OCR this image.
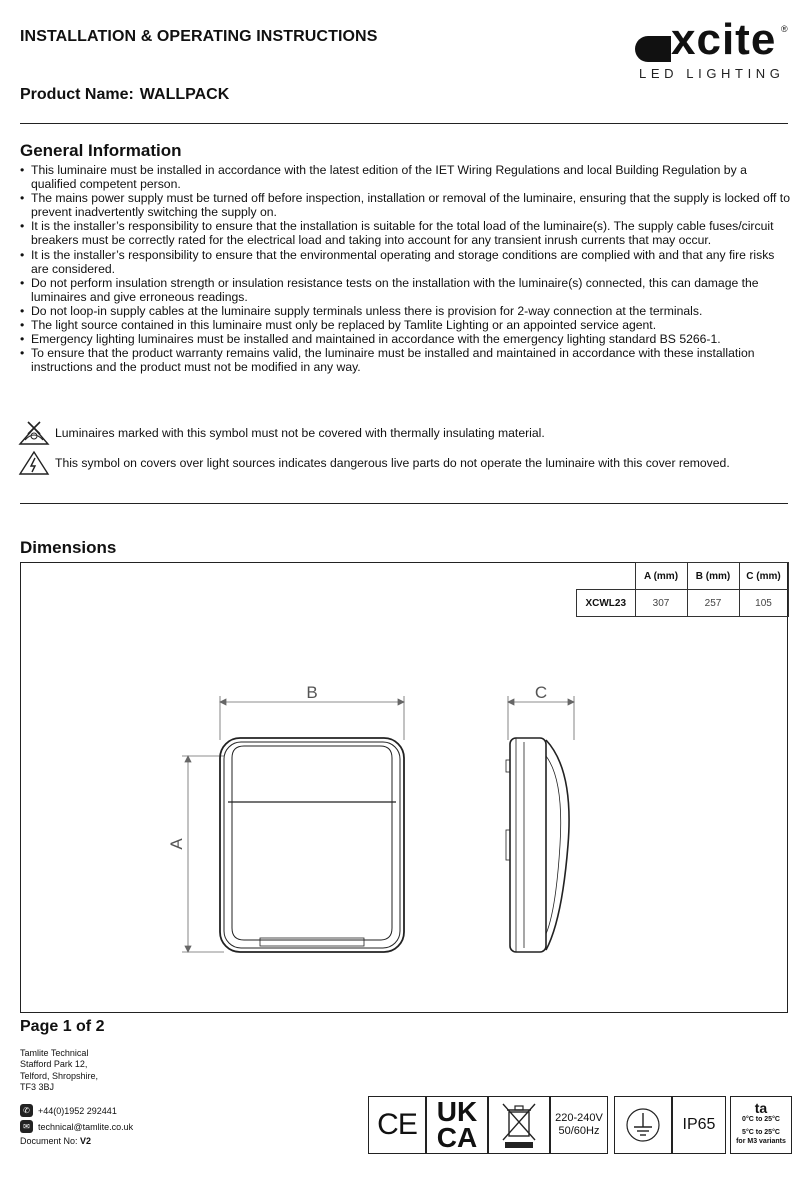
INSTALLATION & OPERATING INSTRUCTIONS	xcite ®
LED LIGHTING
Product Name: WALLPACK
General Information
• This luminaire must be installed in accordance with the latest edition of the IET Wiring Regulations and local Building Regulation by a qualified competent person.
• The mains power supply must be turned off before inspection, installation or removal of the luminaire, ensuring that the supply is locked off to prevent inadvertently switching the supply on.
• It is the installer’s responsibility to ensure that the installation is suitable for the total load of the luminaire(s). The supply cable fuses/circuit breakers must be correctly rated for the electrical load and taking into account for any transient inrush currents that may occur.
• It is the installer’s responsibility to ensure that the environmental operating and storage conditions are complied with and that any fire risks are considered.
• Do not perform insulation strength or insulation resistance tests on the installation with the luminaire(s) connected, this can damage the luminaires and give erroneous readings.
• Do not loop-in supply cables at the luminaire supply terminals unless there is provision for 2-way connection at the terminals.
• The light source contained in this luminaire must only be replaced by Tamlite Lighting or an appointed service agent.
• Emergency lighting luminaires must be installed and maintained in accordance with the emergency lighting standard BS 5266-1.
• To ensure that the product warranty remains valid, the luminaire must be installed and maintained in accordance with these installation instructions and the product must not be modified in any way.
Luminaires marked with this symbol must not be covered with thermally insulating material.
This symbol on covers over light sources indicates dangerous live parts do not operate the luminaire with this cover removed.
Dimensions
	A (mm)	B (mm)	C (mm)
XCWL23	307	257	105
B	C
A
Page 1 of 2
Tamlite Technical
Stafford Park 12,
Telford, Shropshire,
TF3 3BJ
✆ +44(0)1952 292441
✉ technical@tamlite.co.uk
Document No:
V2	CE UK
CA
220-240V
50/60Hz	IP65
ta
0°C to 25°C
5°C to 25°C
for M3 variants
